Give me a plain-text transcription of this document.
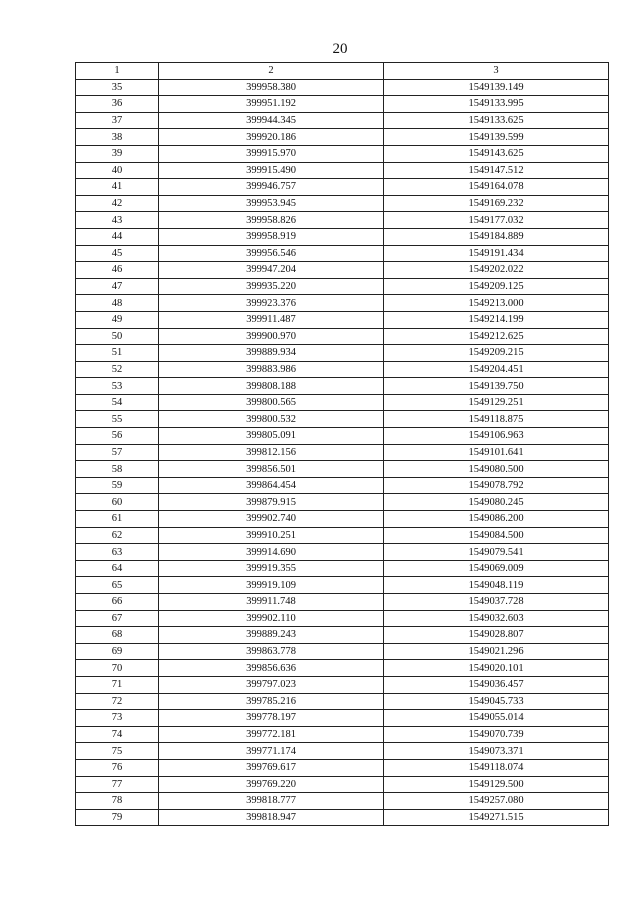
20
1	2	3
35	399958.380	1549139.149
36	399951.192	1549133.995
37	399944.345	1549133.625
38	399920.186	1549139.599
39	399915.970	1549143.625
40	399915.490	1549147.512
41	399946.757	1549164.078
42	399953.945	1549169.232
43	399958.826	1549177.032
44	399958.919	1549184.889
45	399956.546	1549191.434
46	399947.204	1549202.022
47	399935.220	1549209.125
48	399923.376	1549213.000
49	399911.487	1549214.199
50	399900.970	1549212.625
51	399889.934	1549209.215
52	399883.986	1549204.451
53	399808.188	1549139.750
54	399800.565	1549129.251
55	399800.532	1549118.875
56	399805.091	1549106.963
57	399812.156	1549101.641
58	399856.501	1549080.500
59	399864.454	1549078.792
60	399879.915	1549080.245
61	399902.740	1549086.200
62	399910.251	1549084.500
63	399914.690	1549079.541
64	399919.355	1549069.009
65	399919.109	1549048.119
66	399911.748	1549037.728
67	399902.110	1549032.603
68	399889.243	1549028.807
69	399863.778	1549021.296
70	399856.636	1549020.101
71	399797.023	1549036.457
72	399785.216	1549045.733
73	399778.197	1549055.014
74	399772.181	1549070.739
75	399771.174	1549073.371
76	399769.617	1549118.074
77	399769.220	1549129.500
78	399818.777	1549257.080
79	399818.947	1549271.515
